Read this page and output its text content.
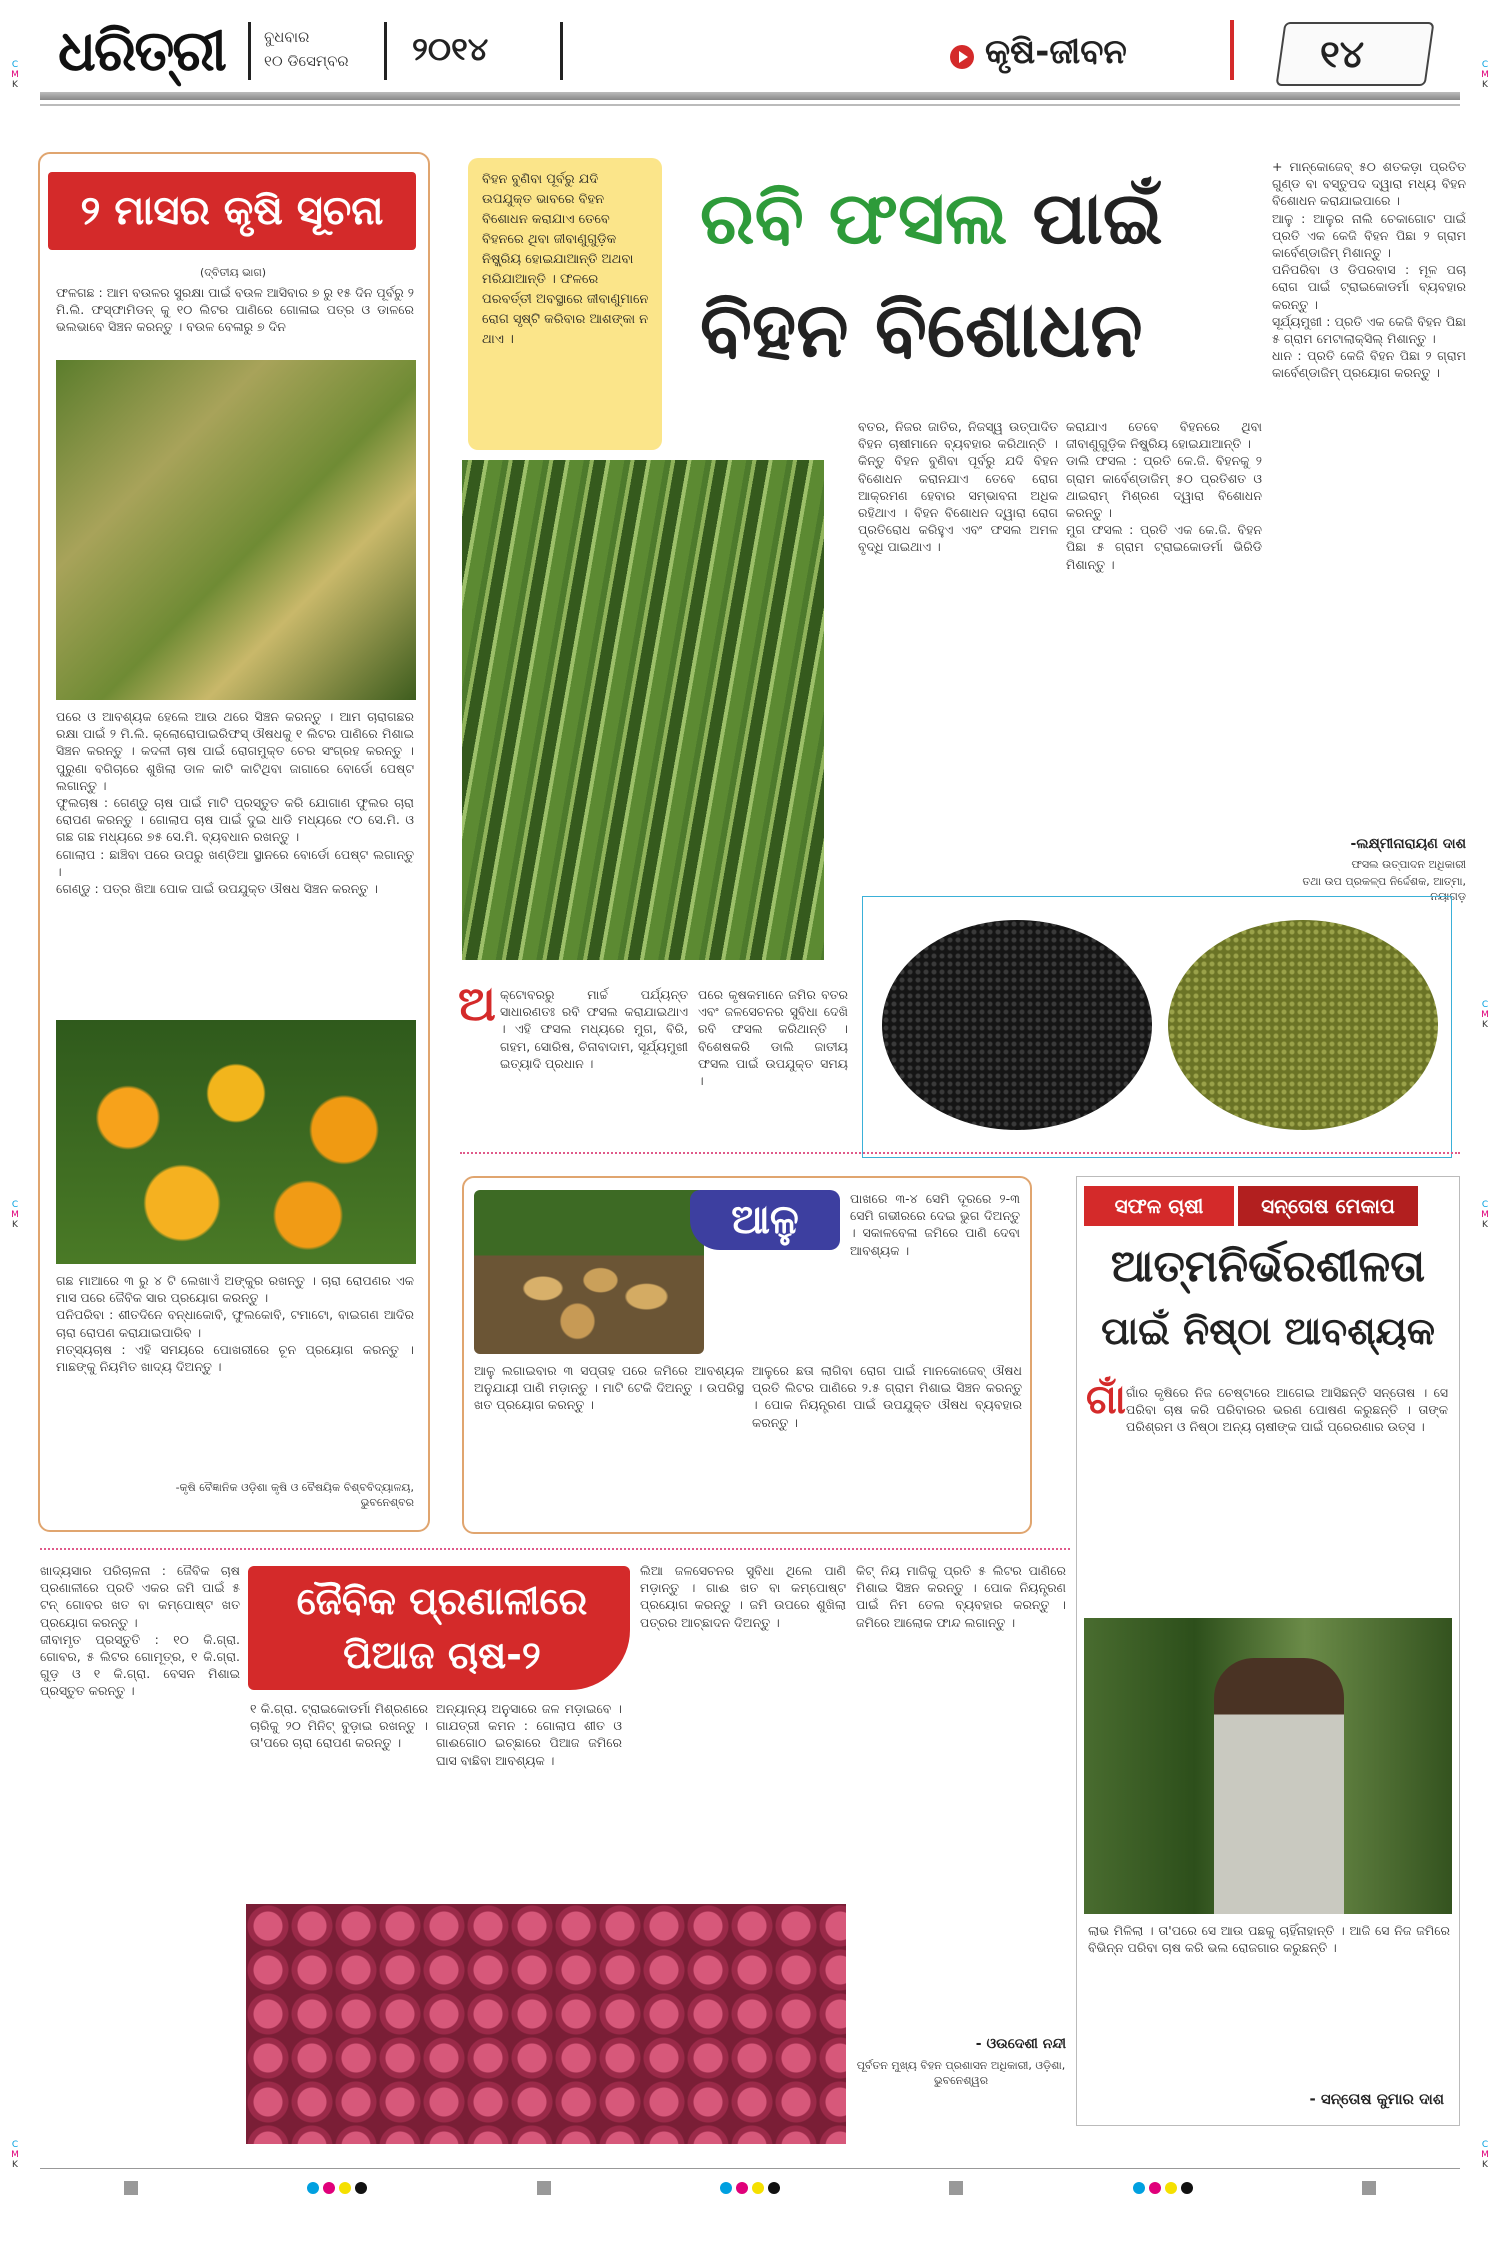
ଧରିତ୍ରୀ	ବୁଧବାର
୧୦ ଡିସେମ୍ବର ୨୦୧୪	କୃଷି-ଜୀବନ	୧୪
C
M
K
C
M
K
C
M
K
C
M
K
C
M
K
C
M
K
C
M
K
୨ ମାସର କୃଷି ସୂଚନା
(ଦ୍ବିତୀୟ ଭାଗ)
ଫଳଗଛ : ଆମ ବଉଳର ସୁରକ୍ଷା ପାଇଁ ବଉଳ ଆସିବାର ୭ ରୁ ୧୫ ଦିନ ପୂର୍ବରୁ ୨ ମି.ଲି. ଫସ୍ଫାମିଡନ୍ କୁ ୧୦ ଲିଟର ପାଣିରେ ଗୋଳାଇ ପତ୍ର ଓ ଡାଳରେ ଭଲଭାବେ ସିଞ୍ଚନ କରନ୍ତୁ । ବଉଳ ବେଳାରୁ ୭ ଦିନ
ପରେ ଓ ଆବଶ୍ୟକ ହେଲେ ଆଉ ଥରେ ସିଞ୍ଚନ କରନ୍ତୁ । ଆମ ଚାରାଗଛର ରକ୍ଷା ପାଇଁ ୨ ମି.ଲି. କ୍ଲୋରୋପାଇରିଫସ୍ ଔଷଧକୁ ୧ ଲିଟର ପାଣିରେ ମିଶାଇ ସିଞ୍ଚନ କରନ୍ତୁ । କଦଳୀ ଚାଷ ପାଇଁ ରୋଗମୁକ୍ତ ଚେର ସଂଗ୍ରହ କରନ୍ତୁ । ପୁରୁଣା ବଗିଚାରେ ଶୁଖିଲା ଡାଳ କାଟି କାଟିଥିବା ଜାଗାରେ ବୋର୍ଡୋ ପେଷ୍ଟ ଲଗାନ୍ତୁ ।
ଫୁଲଚାଷ : ଗେଣ୍ଡୁ ଚାଷ ପାଇଁ ମାଟି ପ୍ରସ୍ତୁତ କରି ଯୋଗାଣ ଫୁଲର ଚାରା ରୋପଣ କରନ୍ତୁ । ଗୋଲାପ ଚାଷ ପାଇଁ ଦୁଇ ଧାଡି ମଧ୍ୟରେ ୯୦ ସେ.ମି. ଓ ଗଛ ଗଛ ମଧ୍ୟରେ ୭୫ ସେ.ମି. ବ୍ୟବଧାନ ରଖନ୍ତୁ ।
ଗୋଲାପ : ଛାଞ୍ଚିବା ପରେ ଉପରୁ ଖଣ୍ଡିଆ ସ୍ଥାନରେ ବୋର୍ଡୋ ପେଷ୍ଟ ଲଗାନ୍ତୁ ।
ଗେଣ୍ଡୁ : ପତ୍ର ଖିଆ ପୋକ ପାଇଁ ଉପଯୁକ୍ତ ଔଷଧ ସିଞ୍ଚନ କରନ୍ତୁ ।
ଗଛ ମାଆରେ ୩ ରୁ ୪ ଟି ଲେଖାଏଁ ଅଙ୍କୁର ରଖନ୍ତୁ । ଚାରା ରୋପଣର ଏକ ମାସ ପରେ ଜୈବିକ ସାର ପ୍ରୟୋଗ କରନ୍ତୁ ।
ପନିପରିବା : ଶୀତଦିନେ ବନ୍ଧାକୋବି, ଫୁଲକୋବି, ଟମାଟୋ, ବାଇଗଣ ଆଦିର ଚାରା ରୋପଣ କରାଯାଇପାରିବ ।
ମତ୍ସ୍ୟଚାଷ : ଏହି ସମୟରେ ପୋଖରୀରେ ଚୂନ ପ୍ରୟୋଗ କରନ୍ତୁ । ମାଛଙ୍କୁ ନିୟମିତ ଖାଦ୍ୟ ଦିଅନ୍ତୁ ।
-କୃଷି ବୈଜ୍ଞାନିକ ଓଡ଼ିଶା କୃଷି ଓ ବୈଷୟିକ ବିଶ୍ବବିଦ୍ୟାଳୟ, ଭୁବନେଶ୍ବର
ବିହନ ବୁଣିବା ପୂର୍ବରୁ ଯଦି ଉପଯୁକ୍ତ ଭାବରେ ବିହନ ବିଶୋଧନ କରାଯାଏ ତେବେ ବିହନରେ ଥିବା ଜୀବାଣୁଗୁଡ଼ିକ ନିଷ୍କ୍ରିୟ ହୋଇଯାଆନ୍ତି ଅଥବା ମରିଯାଆନ୍ତି । ଫଳରେ ପରବର୍ତ୍ତୀ ଅବସ୍ଥାରେ ଜୀବାଣୁମାନେ ରୋଗ ସୃଷ୍ଟି କରିବାର ଆଶଙ୍କା ନ ଥାଏ ।
ରବି ଫସଲ ପାଇଁ
ବିହନ ବିଶୋଧନ
ବତର, ନିଜର ଜାତିର, ନିଜସ୍ୱ ଉତ୍ପାଦିତ ବିହନ ଚାଷୀମାନେ ବ୍ୟବହାର କରିଥାନ୍ତି । କିନ୍ତୁ ବିହନ ବୁଣିବା ପୂର୍ବରୁ ଯଦି ବିହନ ବିଶୋଧନ କରାନଯାଏ ତେବେ ରୋଗ ଆକ୍ରମଣ ହେବାର ସମ୍ଭାବନା ଅଧିକ ରହିଥାଏ । ବିହନ ବିଶୋଧନ ଦ୍ୱାରା ରୋଗ ପ୍ରତିରୋଧ କରିହୁଏ ଏବଂ ଫସଲ ଅମଳ ବୃଦ୍ଧି ପାଇଥାଏ ।
କରାଯାଏ ତେବେ ବିହନରେ ଥିବା ଜୀବାଣୁଗୁଡ଼ିକ ନିଷ୍କ୍ରିୟ ହୋଇଯାଆନ୍ତି ।
ଡାଲି ଫସଲ : ପ୍ରତି କେ.ଜି. ବିହନକୁ ୨ ଗ୍ରାମ କାର୍ବେଣ୍ଡାଜିମ୍ ୫୦ ପ୍ରତିଶତ ଓ ଥାଇରାମ୍ ମିଶ୍ରଣ ଦ୍ୱାରା ବିଶୋଧନ କରନ୍ତୁ ।
ମୁଗ ଫସଲ : ପ୍ରତି ଏକ କେ.ଜି. ବିହନ ପିଛା ୫ ଗ୍ରାମ ଟ୍ରାଇକୋଡର୍ମା ଭିରିଡି ମିଶାନ୍ତୁ ।
+ ମାନ୍କୋଜେବ୍ ୫୦ ଶତକଡ଼ା ପ୍ରତିତ ଗୁଣ୍ଡ ବା ବସ୍ତୁପଦ ଦ୍ୱାରା ମଧ୍ୟ ବିହନ ବିଶୋଧନ କରାଯାଇପାରେ ।
ଆଳୁ : ଆଳୁର ନାଲି ଚେକାଗୋଟ ପାଇଁ ପ୍ରତି ଏକ କେଜି ବିହନ ପିଛା ୨ ଗ୍ରାମ କାର୍ବେଣ୍ଡାଜିମ୍ ମିଶାନ୍ତୁ ।
ପନିପରିବା ଓ ଡିପରବାସ : ମୂଳ ପଚା ରୋଗ ପାଇଁ ଟ୍ରାଇକୋଡର୍ମା ବ୍ୟବହାର କରନ୍ତୁ ।
ସୂର୍ଯ୍ୟମୁଖୀ : ପ୍ରତି ଏକ କେଜି ବିହନ ପିଛା ୫ ଗ୍ରାମ ମେଟାଲାକ୍ସିଲ୍ ମିଶାନ୍ତୁ ।
ଧାନ : ପ୍ରତି କେଜି ବିହନ ପିଛା ୨ ଗ୍ରାମ କାର୍ବେଣ୍ଡାଜିମ୍ ପ୍ରୟୋଗ କରନ୍ତୁ ।
-ଲକ୍ଷ୍ମୀନାରାୟଣ ଦାଶ
ଫସଲ ଉତ୍ପାଦନ ଅଧିକାରୀ
ତଥା ଉପ ପ୍ରକଳ୍ପ ନିର୍ଦ୍ଦେଶକ, ଆତ୍ମା, ନୟାଗଡ଼
ଅ କ୍ଟୋବରରୁ ମାର୍ଚ୍ଚ ପର୍ଯ୍ୟନ୍ତ ସାଧାରଣତଃ ରବି ଫସଲ କରାଯାଇଥାଏ । ଏହି ଫସଲ ମଧ୍ୟରେ ମୁଗ, ବିରି, ଗହମ, ସୋରିଷ, ଚିନାବାଦାମ, ସୂର୍ଯ୍ୟମୁଖୀ ଇତ୍ୟାଦି ପ୍ରଧାନ ।
ପରେ କୃଷକମାନେ ଜମିର ବତର ଏବଂ ଜଳସେଚନର ସୁବିଧା ଦେଖି ରବି ଫସଲ କରିଥାନ୍ତି । ବିଶେଷକରି ଡାଲି ଜାତୀୟ ଫସଲ ପାଇଁ ଉପଯୁକ୍ତ ସମୟ ।
ଆଳୁ	ପାଖରେ ୩-୪ ସେମି ଦୂରରେ ୨-୩ ସେମି ଗଭୀରରେ ଦେଇ ଭୁଗ ଦିଅନ୍ତୁ । ସକାଳବେଳା ଜମିରେ ପାଣି ଦେବା ଆବଶ୍ୟକ ।
ଆଳୁ ଲଗାଇବାର ୩ ସପ୍ତାହ ପରେ ଜମିରେ ଆବଶ୍ୟକ ଅନୁଯାୟୀ ପାଣି ମଡ଼ାନ୍ତୁ । ମାଟି ଟେକି ଦିଅନ୍ତୁ । ଉପରିସ୍ଥ ଖତ ପ୍ରୟୋଗ କରନ୍ତୁ ।
ଆଳୁରେ ଛତା ଲାଗିବା ରୋଗ ପାଇଁ ମାନକୋଜେବ୍ ଔଷଧ ପ୍ରତି ଲିଟର ପାଣିରେ ୨.୫ ଗ୍ରାମ ମିଶାଇ ସିଞ୍ଚନ କରନ୍ତୁ । ପୋକ ନିୟନ୍ତ୍ରଣ ପାଇଁ ଉପଯୁକ୍ତ ଔଷଧ ବ୍ୟବହାର କରନ୍ତୁ ।
ସଫଳ ଚାଷୀ	ସନ୍ତୋଷ ମେକାପ
ଆତ୍ମନିର୍ଭରଶୀଳତା
ପାଇଁ ନିଷ୍ଠା ଆବଶ୍ୟକ
ଗାଁ ଗାଁର କୃଷିରେ ନିଜ ଚେଷ୍ଟାରେ ଆଗେଇ ଆସିଛନ୍ତି ସନ୍ତୋଷ । ସେ ପରିବା ଚାଷ କରି ପରିବାରର ଭରଣ ପୋଷଣ କରୁଛନ୍ତି । ତାଙ୍କ ପରିଶ୍ରମ ଓ ନିଷ୍ଠା ଅନ୍ୟ ଚାଷୀଙ୍କ ପାଇଁ ପ୍ରେରଣାର ଉତ୍ସ ।
ଲାଭ ମିଳିଲା । ତା'ପରେ ସେ ଆଉ ପଛକୁ ଚାହିଁନାହାନ୍ତି । ଆଜି ସେ ନିଜ ଜମିରେ ବିଭିନ୍ନ ପରିବା ଚାଷ କରି ଭଲ ରୋଜଗାର କରୁଛନ୍ତି ।
- ସନ୍ତୋଷ କୁମାର ଦାଶ
ଖାଦ୍ୟସାର ପରିଚାଳନା : ଜୈବିକ ଚାଷ ପ୍ରଣାଳୀରେ ପ୍ରତି ଏକର ଜମି ପାଇଁ ୫ ଟନ୍ ଗୋବର ଖତ ବା କମ୍ପୋଷ୍ଟ ଖତ ପ୍ରୟୋଗ କରନ୍ତୁ ।
ଜୀବାମୃତ ପ୍ରସ୍ତୁତି : ୧୦ କି.ଗ୍ରା. ଗୋବର, ୫ ଲିଟର ଗୋମୂତ୍ର, ୧ କି.ଗ୍ରା. ଗୁଡ଼ ଓ ୧ କି.ଗ୍ରା. ବେସନ ମିଶାଇ ପ୍ରସ୍ତୁତ କରନ୍ତୁ ।
ଜୈବିକ ପ୍ରଣାଳୀରେ
ପିଆଜ ଚାଷ-୨
୧ କି.ଗ୍ରା. ଟ୍ରାଇକୋଡର୍ମା ମିଶ୍ରଣରେ ଚାରିକୁ ୨୦ ମିନିଟ୍ ବୁଡ଼ାଇ ରଖନ୍ତୁ । ତା'ପରେ ଚାରା ରୋପଣ କରନ୍ତୁ ।
ଅନ୍ୟାନ୍ୟ ଅନୁସାରେ ଜଳ ମଡ଼ାଇବେ । ଗାଯତ୍ରୀ କମନ : ଗୋଲାପ ଶୀତ ଓ ଗାଈଗୋଠ ଇଚ୍ଛାରେ ପିଆଜ ଜମିରେ ଘାସ ବାଛିବା ଆବଶ୍ୟକ ।
ଲିଆ ଜଳସେଚନର ସୁବିଧା ଥିଲେ ପାଣି ମଡ଼ାନ୍ତୁ । ଗାଈ ଖତ ବା କମ୍ପୋଷ୍ଟ ପ୍ରୟୋଗ କରନ୍ତୁ । ଜମି ଉପରେ ଶୁଖିଲା ପତ୍ରର ଆଚ୍ଛାଦନ ଦିଅନ୍ତୁ ।
କିଟ୍ ନିୟ ମାଜିକୁ ପ୍ରତି ୫ ଲିଟର ପାଣିରେ ମିଶାଇ ସିଞ୍ଚନ କରନ୍ତୁ । ପୋକ ନିୟନ୍ତ୍ରଣ ପାଇଁ ନିମ ତେଲ ବ୍ୟବହାର କରନ୍ତୁ । ଜମିରେ ଆଲୋକ ଫାନ୍ଦ ଲଗାନ୍ତୁ ।
- ଓଉଦେଶୀ ନନ୍ଦୀ
ପୂର୍ବତନ ମୁଖ୍ୟ ବିହନ ପ୍ରଶାସନ ଅଧିକାରୀ, ଓଡ଼ିଶା, ଭୁବନେଶ୍ୱର
